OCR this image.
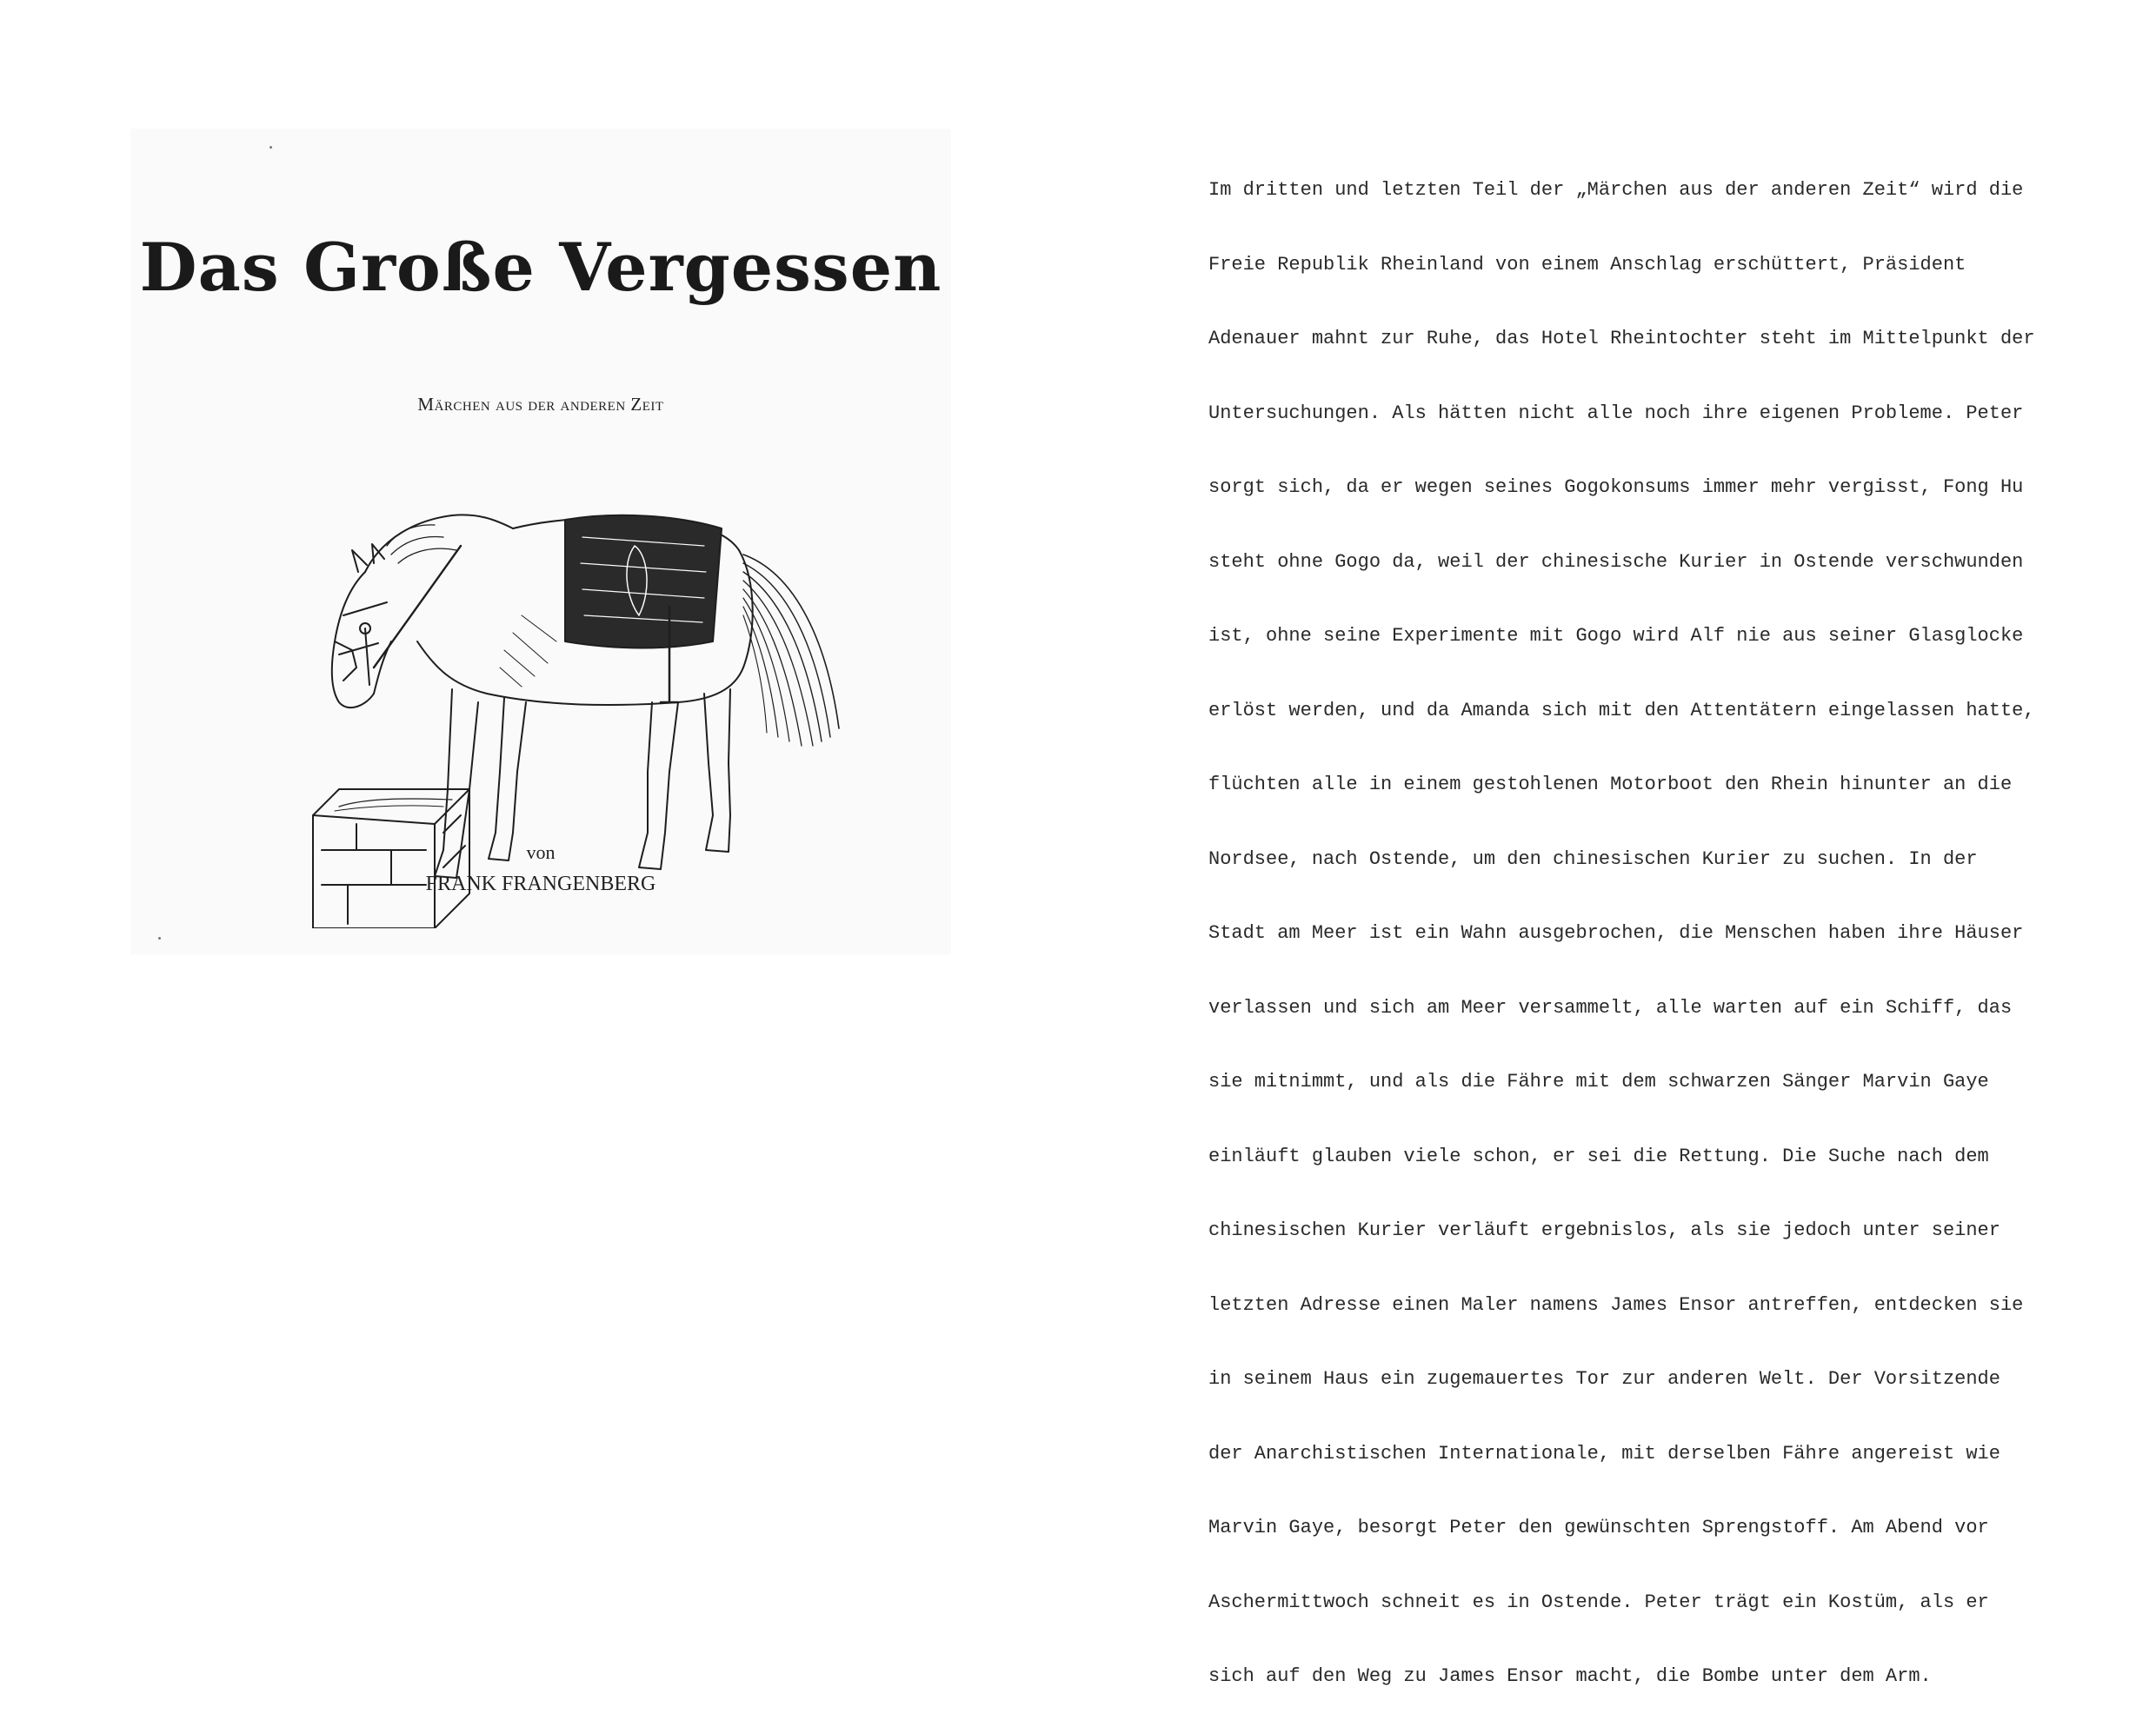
Das Große Vergessen
Märchen aus der anderen Zeit
von
FRANK FRANGENBERG

Im dritten und letzten Teil der „Märchen aus der anderen Zeit“ wird die

Freie Republik Rheinland von einem Anschlag erschüttert, Präsident

Adenauer mahnt zur Ruhe, das Hotel Rheintochter steht im Mittelpunkt der

Untersuchungen. Als hätten nicht alle noch ihre eigenen Probleme. Peter

sorgt sich, da er wegen seines Gogokonsums immer mehr vergisst, Fong Hu

steht ohne Gogo da, weil der chinesische Kurier in Ostende verschwunden

ist, ohne seine Experimente mit Gogo wird Alf nie aus seiner Glasglocke

erlöst werden, und da Amanda sich mit den Attentätern eingelassen hatte,

flüchten alle in einem gestohlenen Motorboot den Rhein hinunter an die

Nordsee, nach Ostende, um den chinesischen Kurier zu suchen. In der

Stadt am Meer ist ein Wahn ausgebrochen, die Menschen haben ihre Häuser

verlassen und sich am Meer versammelt, alle warten auf ein Schiff, das

sie mitnimmt, und als die Fähre mit dem schwarzen Sänger Marvin Gaye

einläuft glauben viele schon, er sei die Rettung. Die Suche nach dem

chinesischen Kurier verläuft ergebnislos, als sie jedoch unter seiner

letzten Adresse einen Maler namens James Ensor antreffen, entdecken sie

in seinem Haus ein zugemauertes Tor zur anderen Welt. Der Vorsitzende

der Anarchistischen Internationale, mit derselben Fähre angereist wie

Marvin Gaye, besorgt Peter den gewünschten Sprengstoff. Am Abend vor

Aschermittwoch schneit es in Ostende. Peter trägt ein Kostüm, als er

sich auf den Weg zu James Ensor macht, die Bombe unter dem Arm.
